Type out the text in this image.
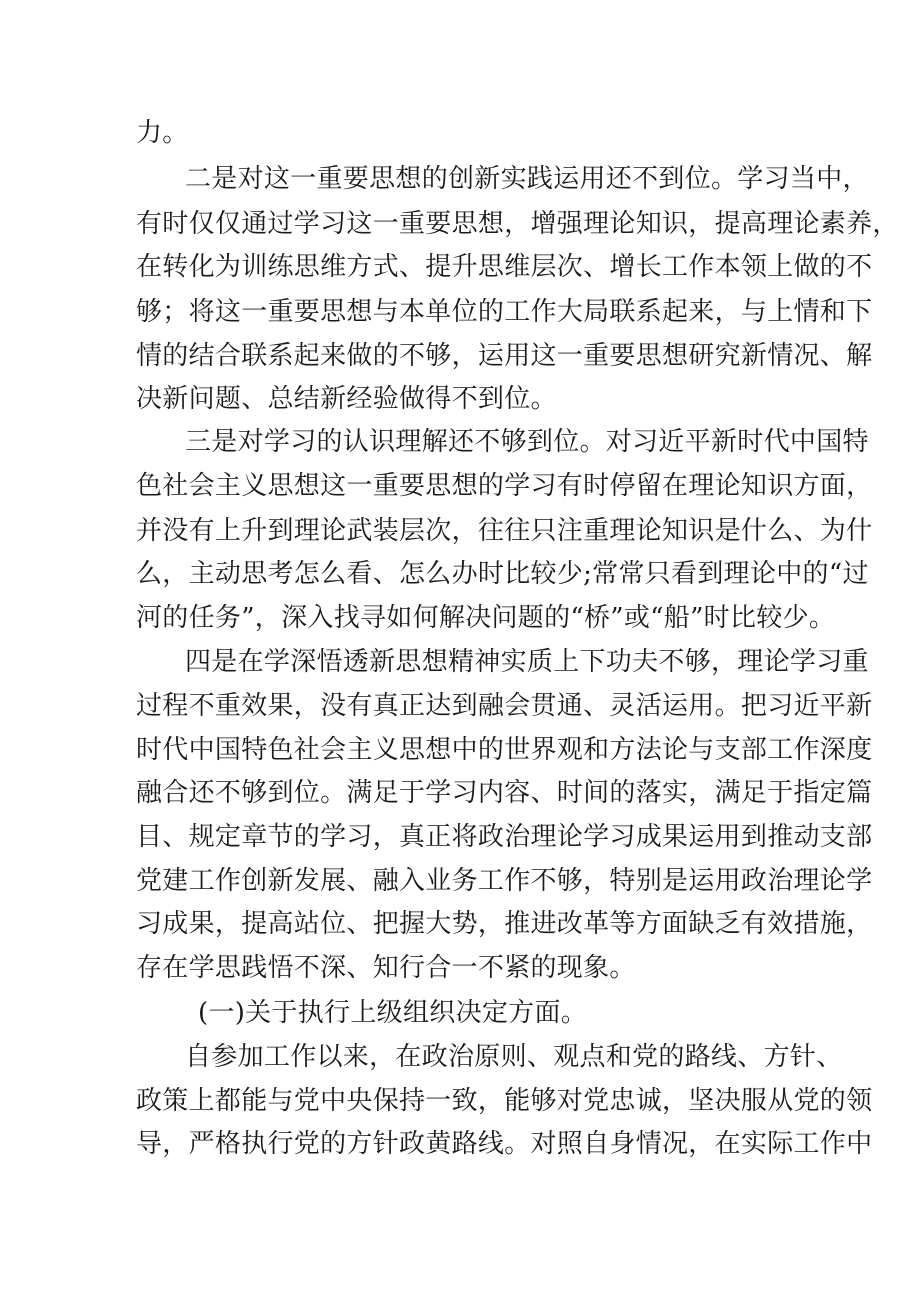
力。
二是对这一重要思想的创新实践运用还不到位。学习当中，
有时仅仅通过学习这一重要思想，增强理论知识，提高理论素养，
在转化为训练思维方式、提升思维层次、增长工作本领上做的不
够；将这一重要思想与本单位的工作大局联系起来，与上情和下
情的结合联系起来做的不够，运用这一重要思想研究新情况、解
决新问题、总结新经验做得不到位。
三是对学习的认识理解还不够到位。对习近平新时代中国特
色社会主义思想这一重要思想的学习有时停留在理论知识方面，
并没有上升到理论武装层次，往往只注重理论知识是什么、为什
么，主动思考怎么看、怎么办时比较少;常常只看到理论中的“过
河的任务”，深入找寻如何解决问题的“桥”或“船”时比较少。
四是在学深悟透新思想精神实质上下功夫不够，理论学习重
过程不重效果，没有真正达到融会贯通、灵活运用。把习近平新
时代中国特色社会主义思想中的世界观和方法论与支部工作深度
融合还不够到位。满足于学习内容、时间的落实，满足于指定篇
目、规定章节的学习，真正将政治理论学习成果运用到推动支部
党建工作创新发展、融入业务工作不够，特别是运用政治理论学
习成果，提高站位、把握大势，推进改革等方面缺乏有效措施，
存在学思践悟不深、知行合一不紧的现象。
(一)关于执行上级组织决定方面。
自参加工作以来，在政治原则、观点和党的路线、方针、
政策上都能与党中央保持一致，能够对党忠诚，坚决服从党的领
导，严格执行党的方针政黄路线。对照自身情况，在实际工作中
